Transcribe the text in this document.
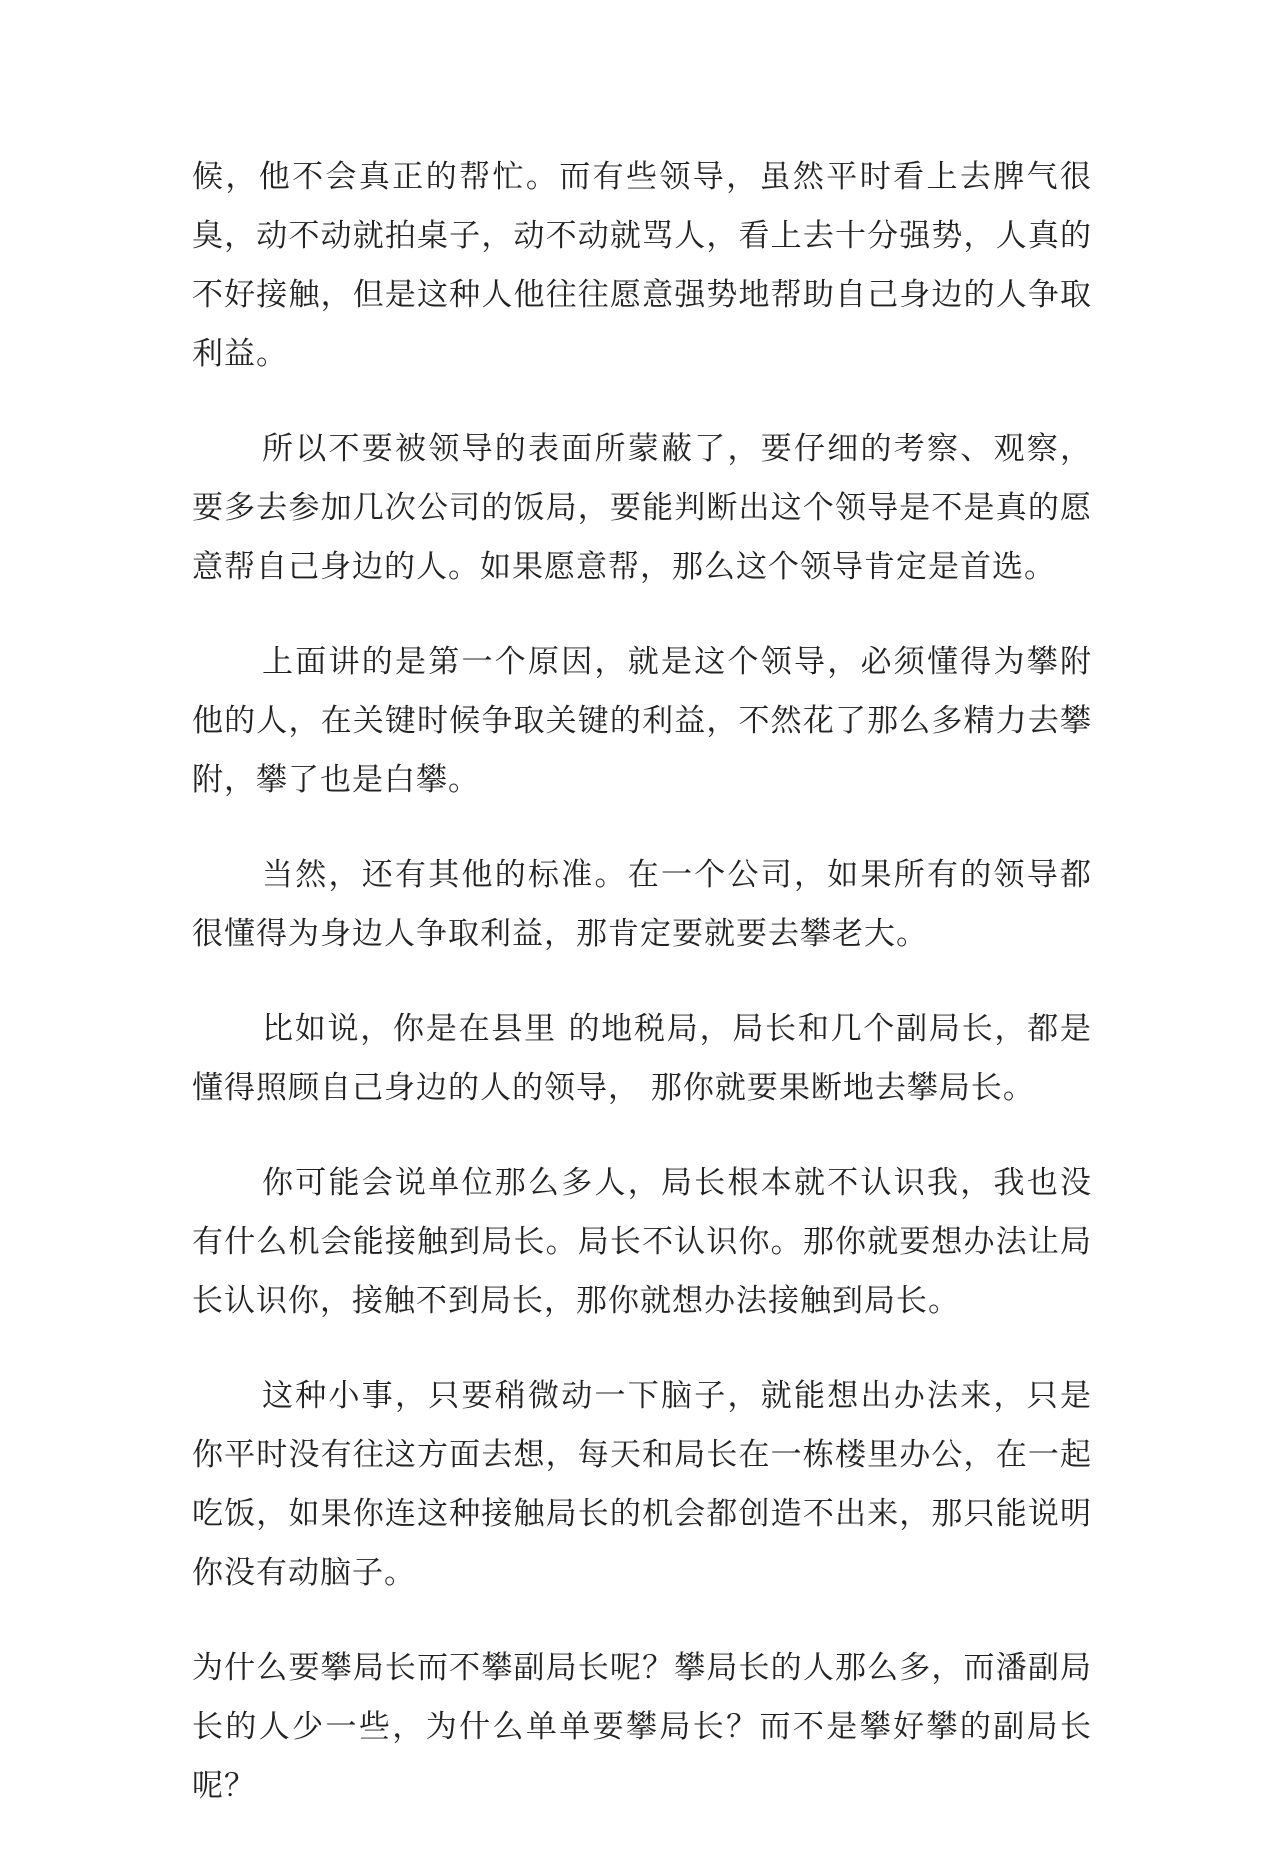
候，他不会真正的帮忙。而有些领导，虽然平时看上去脾气很臭，动不动就拍桌子，动不动就骂人，看上去十分强势，人真的不好接触，但是这种人他往往愿意强势地帮助自己身边的人争取利益。

所以不要被领导的表面所蒙蔽了，要仔细的考察、观察，要多去参加几次公司的饭局，要能判断出这个领导是不是真的愿意帮自己身边的人。如果愿意帮，那么这个领导肯定是首选。

上面讲的是第一个原因，就是这个领导，必须懂得为攀附他的人，在关键时候争取关键的利益，不然花了那么多精力去攀附，攀了也是白攀。

当然，还有其他的标准。在一个公司，如果所有的领导都很懂得为身边人争取利益，那肯定要就要去攀老大。

比如说，你是在县里 的地税局，局长和几个副局长，都是懂得照顾自己身边的人的领导， 那你就要果断地去攀局长。

你可能会说单位那么多人，局长根本就不认识我，我也没有什么机会能接触到局长。局长不认识你。那你就要想办法让局长认识你，接触不到局长，那你就想办法接触到局长。

这种小事，只要稍微动一下脑子，就能想出办法来，只是你平时没有往这方面去想，每天和局长在一栋楼里办公，在一起吃饭，如果你连这种接触局长的机会都创造不出来，那只能说明你没有动脑子。

为什么要攀局长而不攀副局长呢？攀局长的人那么多，而潘副局 长的人少一些，为什么单单要攀局长？而不是攀好攀的副局长呢？
